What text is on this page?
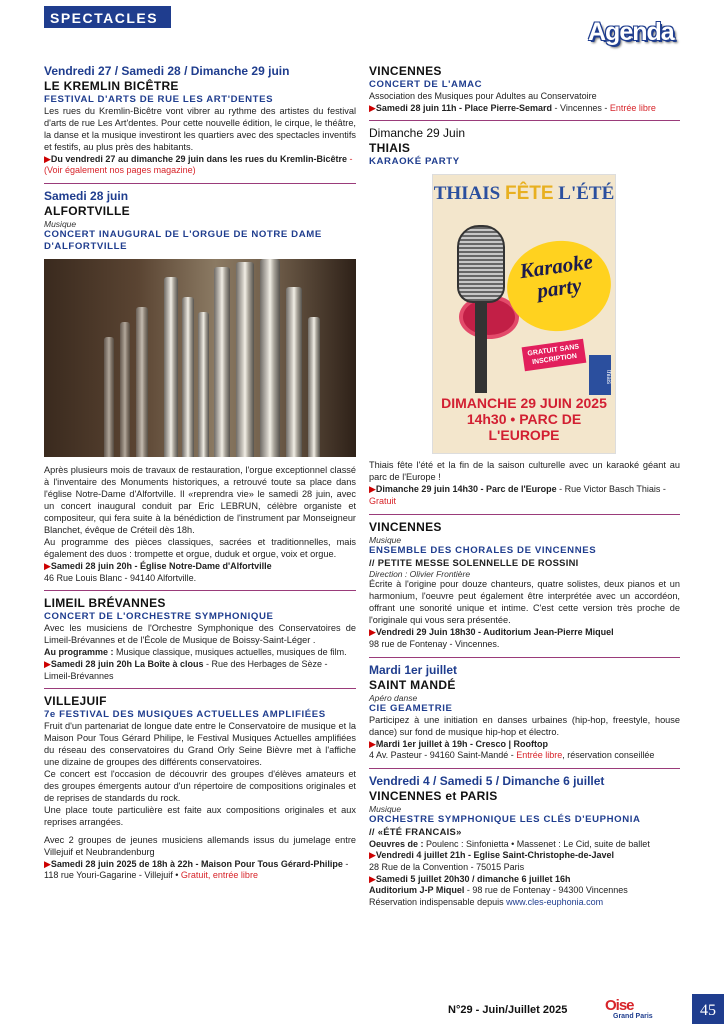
SPECTACLES	Agenda
Vendredi 27 / Samedi 28 / Dimanche 29 juin
LE KREMLIN BICÊTRE
FESTIVAL D'ARTS DE RUE LES ART'DENTES
Les rues du Kremlin-Bicêtre vont vibrer au rythme des artistes du festival d'arts de rue Les Art'dentes. Pour cette nouvelle édition, le cirque, le théâtre, la danse et la musique investiront les quartiers avec des spectacles inventifs et festifs, au plus près des habitants.
▶Du vendredi 27 au dimanche 29 juin dans les rues du Kremlin-Bicêtre - (Voir également nos pages magazine)
Samedi 28 juin
ALFORTVILLE
Musique
CONCERT INAUGURAL DE L'ORGUE DE NOTRE DAME D'ALFORTVILLE
Après plusieurs mois de travaux de restauration, l'orgue exceptionnel classé à l'inventaire des Monuments historiques, a retrouvé toute sa place dans l'église Notre-Dame d'Alfortville. Il «reprendra vie» le samedi 28 juin, avec un concert inaugural conduit par Eric LEBRUN, célèbre organiste et compositeur, qui fera suite à la bénédiction de l'instrument par Monseigneur Blanchet, évêque de Créteil dès 18h.
Au programme des pièces classiques, sacrées et traditionnelles, mais également des duos : trompette et orgue, duduk et orgue, voix et orgue.
▶Samedi 28 juin 20h - Église Notre-Dame d'Alfortville
46 Rue Louis Blanc - 94140 Alfortville.
LIMEIL BRÉVANNES
CONCERT DE L'ORCHESTRE SYMPHONIQUE
Avec les musiciens de l'Orchestre Symphonique des Conservatoires de Limeil-Brévannes et de l'École de Musique de Boissy-Saint-Léger .
Au programme : Musique classique, musiques actuelles, musiques de film.
▶Samedi 28 juin 20h La Boîte à clous - Rue des Herbages de Sèze - Limeil-Brévannes
VILLEJUIF
7e FESTIVAL DES MUSIQUES ACTUELLES AMPLIFIÉES
Fruit d'un partenariat de longue date entre le Conservatoire de musique et la Maison Pour Tous Gérard Philipe, le Festival Musiques Actuelles amplifiées du réseau des conservatoires du Grand Orly Seine Bièvre met à l'affiche une dizaine de groupes des différents conservatoires.
Ce concert est l'occasion de découvrir des groupes d'élèves amateurs et des groupes émergents autour d'un répertoire de compositions originales et de reprises de standards du rock.
Une place toute particulière est faite aux compositions originales et aux reprises arrangées.
Avec 2 groupes de jeunes musiciens allemands issus du jumelage entre Villejuif et Neubrandenburg
▶Samedi 28 juin 2025 de 18h à 22h - Maison Pour Tous Gérard-Philipe - 118 rue Youri-Gagarine - Villejuif • Gratuit, entrée libre
VINCENNES
CONCERT DE L'AMAC
Association des Musiques pour Adultes au Conservatoire
▶Samedi 28 juin 11h - Place Pierre-Semard - Vincennes - Entrée libre
Dimanche 29 Juin
THIAIS
KARAOKÉ PARTY
THIAIS FÊTE L'ÉTÉ
Karaoke party
GRATUIT SANS INSCRIPTION
thiais
DIMANCHE 29 JUIN 2025
14h30 • PARC DE L'EUROPE
Thiais fête l'été et la fin de la saison culturelle avec un karaoké géant au parc de l'Europe !
▶Dimanche 29 juin 14h30 - Parc de l'Europe - Rue Victor Basch Thiais - Gratuit
VINCENNES
Musique
ENSEMBLE DES CHORALES DE VINCENNES
// PETITE MESSE SOLENNELLE DE ROSSINI
Direction : Olivier Frontière
Écrite à l'origine pour douze chanteurs, quatre solistes, deux pianos et un harmonium, l'oeuvre peut également être interprétée avec un accordéon, offrant une sonorité unique et intime. C'est cette version très proche de l'originale qui vous sera présentée.
▶Vendredi 29 Juin 18h30 - Auditorium Jean-Pierre Miquel
98 rue de Fontenay - Vincennes.
Mardi 1er juillet
SAINT MANDÉ
Apéro danse
CIE GEAMETRIE
Participez à une initiation en danses urbaines (hip-hop, freestyle, house dance) sur fond de musique hip-hop et électro.
▶Mardi 1er juillet à 19h - Cresco | Rooftop
4 Av. Pasteur - 94160 Saint-Mandé - Entrée libre, réservation conseillée
Vendredi 4 / Samedi 5 / Dimanche 6 juillet
VINCENNES et PARIS
Musique
ORCHESTRE SYMPHONIQUE LES CLÉS D'EUPHONIA
// «ÉTÉ FRANCAIS»
Oeuvres de : Poulenc : Sinfonietta • Massenet : Le Cid, suite de ballet
▶Vendredi 4 juillet 21h - Eglise Saint-Christophe-de-Javel
28 Rue de la Convention - 75015 Paris
▶Samedi 5 juillet 20h30 / dimanche 6 juillet 16h
Auditorium J-P Miquel - 98 rue de Fontenay - 94300 Vincennes
Réservation indispensable depuis www.cles-euphonia.com
N°29 - Juin/Juillet 2025	Oise
Grand Paris	45
